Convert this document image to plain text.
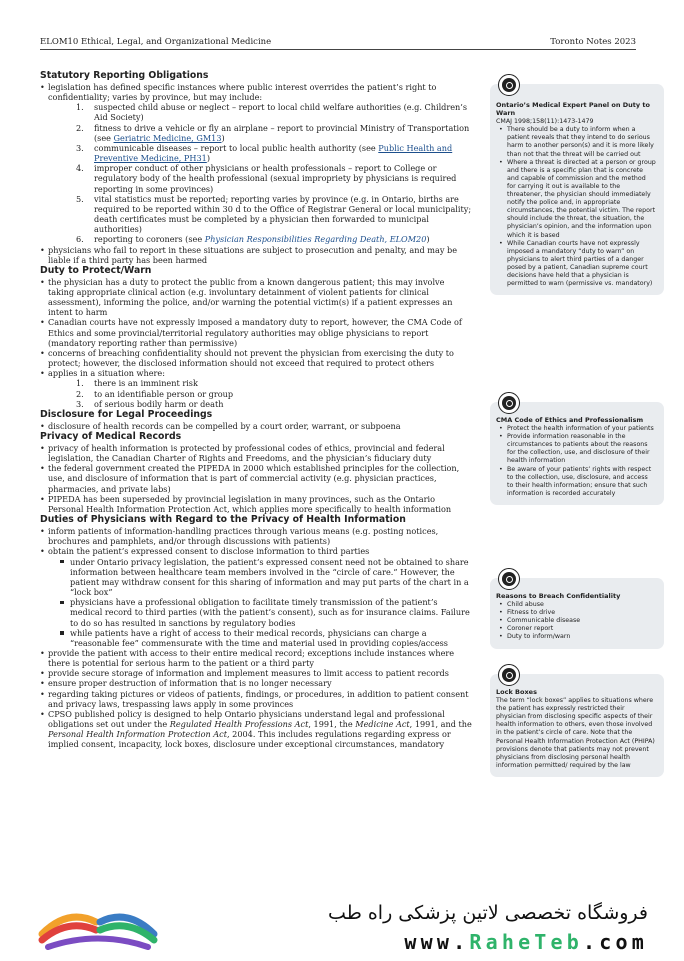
ELOM10 Ethical, Legal, and Organizational Medicine	Toronto Notes 2023
Statutory Reporting Obligations
• legislation has defined specific instances where public interest overrides the patient’s right to confidentiality; varies by province, but may include:
1. suspected child abuse or neglect – report to local child welfare authorities (e.g. Children’s Aid Society)
2. fitness to drive a vehicle or fly an airplane – report to provincial Ministry of Transportation (see Geriatric Medicine, GM13)
3. communicable diseases – report to local public health authority (see Public Health and Preventive Medicine, PH31)
4. improper conduct of other physicians or health professionals – report to College or regulatory body of the health professional (sexual impropriety by physicians is required reporting in some provinces)
5. vital statistics must be reported; reporting varies by province (e.g. in Ontario, births are required to be reported within 30 d to the Office of Registrar General or local municipality; death certificates must be completed by a physician then forwarded to municipal authorities)
6. reporting to coroners (see Physician Responsibilities Regarding Death, ELOM20)
• physicians who fail to report in these situations are subject to prosecution and penalty, and may be liable if a third party has been harmed
Duty to Protect/Warn
• the physician has a duty to protect the public from a known dangerous patient; this may involve taking appropriate clinical action (e.g. involuntary detainment of violent patients for clinical assessment), informing the police, and/or warning the potential victim(s) if a patient expresses an intent to harm
• Canadian courts have not expressly imposed a mandatory duty to report, however, the CMA Code of Ethics and some provincial/territorial regulatory authorities may oblige physicians to report (mandatory reporting rather than permissive)
• concerns of breaching confidentiality should not prevent the physician from exercising the duty to protect; however, the disclosed information should not exceed that required to protect others
• applies in a situation where:
1. there is an imminent risk
2. to an identifiable person or group
3. of serious bodily harm or death
Disclosure for Legal Proceedings
• disclosure of health records can be compelled by a court order, warrant, or subpoena
Privacy of Medical Records
• privacy of health information is protected by professional codes of ethics, provincial and federal legislation, the Canadian Charter of Rights and Freedoms, and the physician’s fiduciary duty
• the federal government created the PIPEDA in 2000 which established principles for the collection, use, and disclosure of information that is part of commercial activity (e.g. physician practices, pharmacies, and private labs)
• PIPEDA has been superseded by provincial legislation in many provinces, such as the Ontario Personal Health Information Protection Act, which applies more specifically to health information
Duties of Physicians with Regard to the Privacy of Health Information
• inform patients of information-handling practices through various means (e.g. posting notices, brochures and pamphlets, and/or through discussions with patients)
• obtain the patient’s expressed consent to disclose information to third parties
under Ontario privacy legislation, the patient’s expressed consent need not be obtained to share information between healthcare team members involved in the “circle of care.” However, the patient may withdraw consent for this sharing of information and may put parts of the chart in a “lock box”
physicians have a professional obligation to facilitate timely transmission of the patient’s medical record to third parties (with the patient’s consent), such as for insurance claims. Failure to do so has resulted in sanctions by regulatory bodies
while patients have a right of access to their medical records, physicians can charge a “reasonable fee” commensurate with the time and material used in providing copies/access
• provide the patient with access to their entire medical record; exceptions include instances where there is potential for serious harm to the patient or a third party
• provide secure storage of information and implement measures to limit access to patient records
• ensure proper destruction of information that is no longer necessary
• regarding taking pictures or videos of patients, findings, or procedures, in addition to patient consent and privacy laws, trespassing laws apply in some provinces
• CPSO published policy is designed to help Ontario physicians understand legal and professional obligations set out under the Regulated Health Professions Act, 1991, the Medicine Act, 1991, and the Personal Health Information Protection Act, 2004. This includes regulations regarding express or implied consent, incapacity, lock boxes, disclosure under exceptional circumstances, mandatory
Ontario’s Medical Expert Panel on Duty to Warn
CMAJ 1998;158(11):1473-1479
• There should be a duty to inform when a patient reveals that they intend to do serious harm to another person(s) and it is more likely than not that the threat will be carried out
• Where a threat is directed at a person or group and there is a specific plan that is concrete and capable of commission and the method for carrying it out is available to the threatener, the physician should immediately notify the police and, in appropriate circumstances, the potential victim. The report should include the threat, the situation, the physician’s opinion, and the information upon which it is based
• While Canadian courts have not expressly imposed a mandatory “duty to warn” on physicians to alert third parties of a danger posed by a patient, Canadian supreme court decisions have held that a physician is permitted to warn (permissive vs. mandatory)
CMA Code of Ethics and Professionalism
• Protect the health information of your patients
• Provide information reasonable in the circumstances to patients about the reasons for the collection, use, and disclosure of their health information
• Be aware of your patients’ rights with respect to the collection, use, disclosure, and access to their health information; ensure that such information is recorded accurately
Reasons to Breach Confidentiality
• Child abuse
• Fitness to drive
• Communicable disease
• Coroner report
• Duty to inform/warn
Lock Boxes
The term “lock boxes” applies to situations where the patient has expressly restricted their physician from disclosing specific aspects of their health information to others, even those involved in the patient’s circle of care. Note that the Personal Health Information Protection Act (PHIPA) provisions denote that patients may not prevent physicians from disclosing personal health information permitted/ required by the law
فروشگاه تخصصی لاتین پزشکی راه طب
www.RaheTeb.com
